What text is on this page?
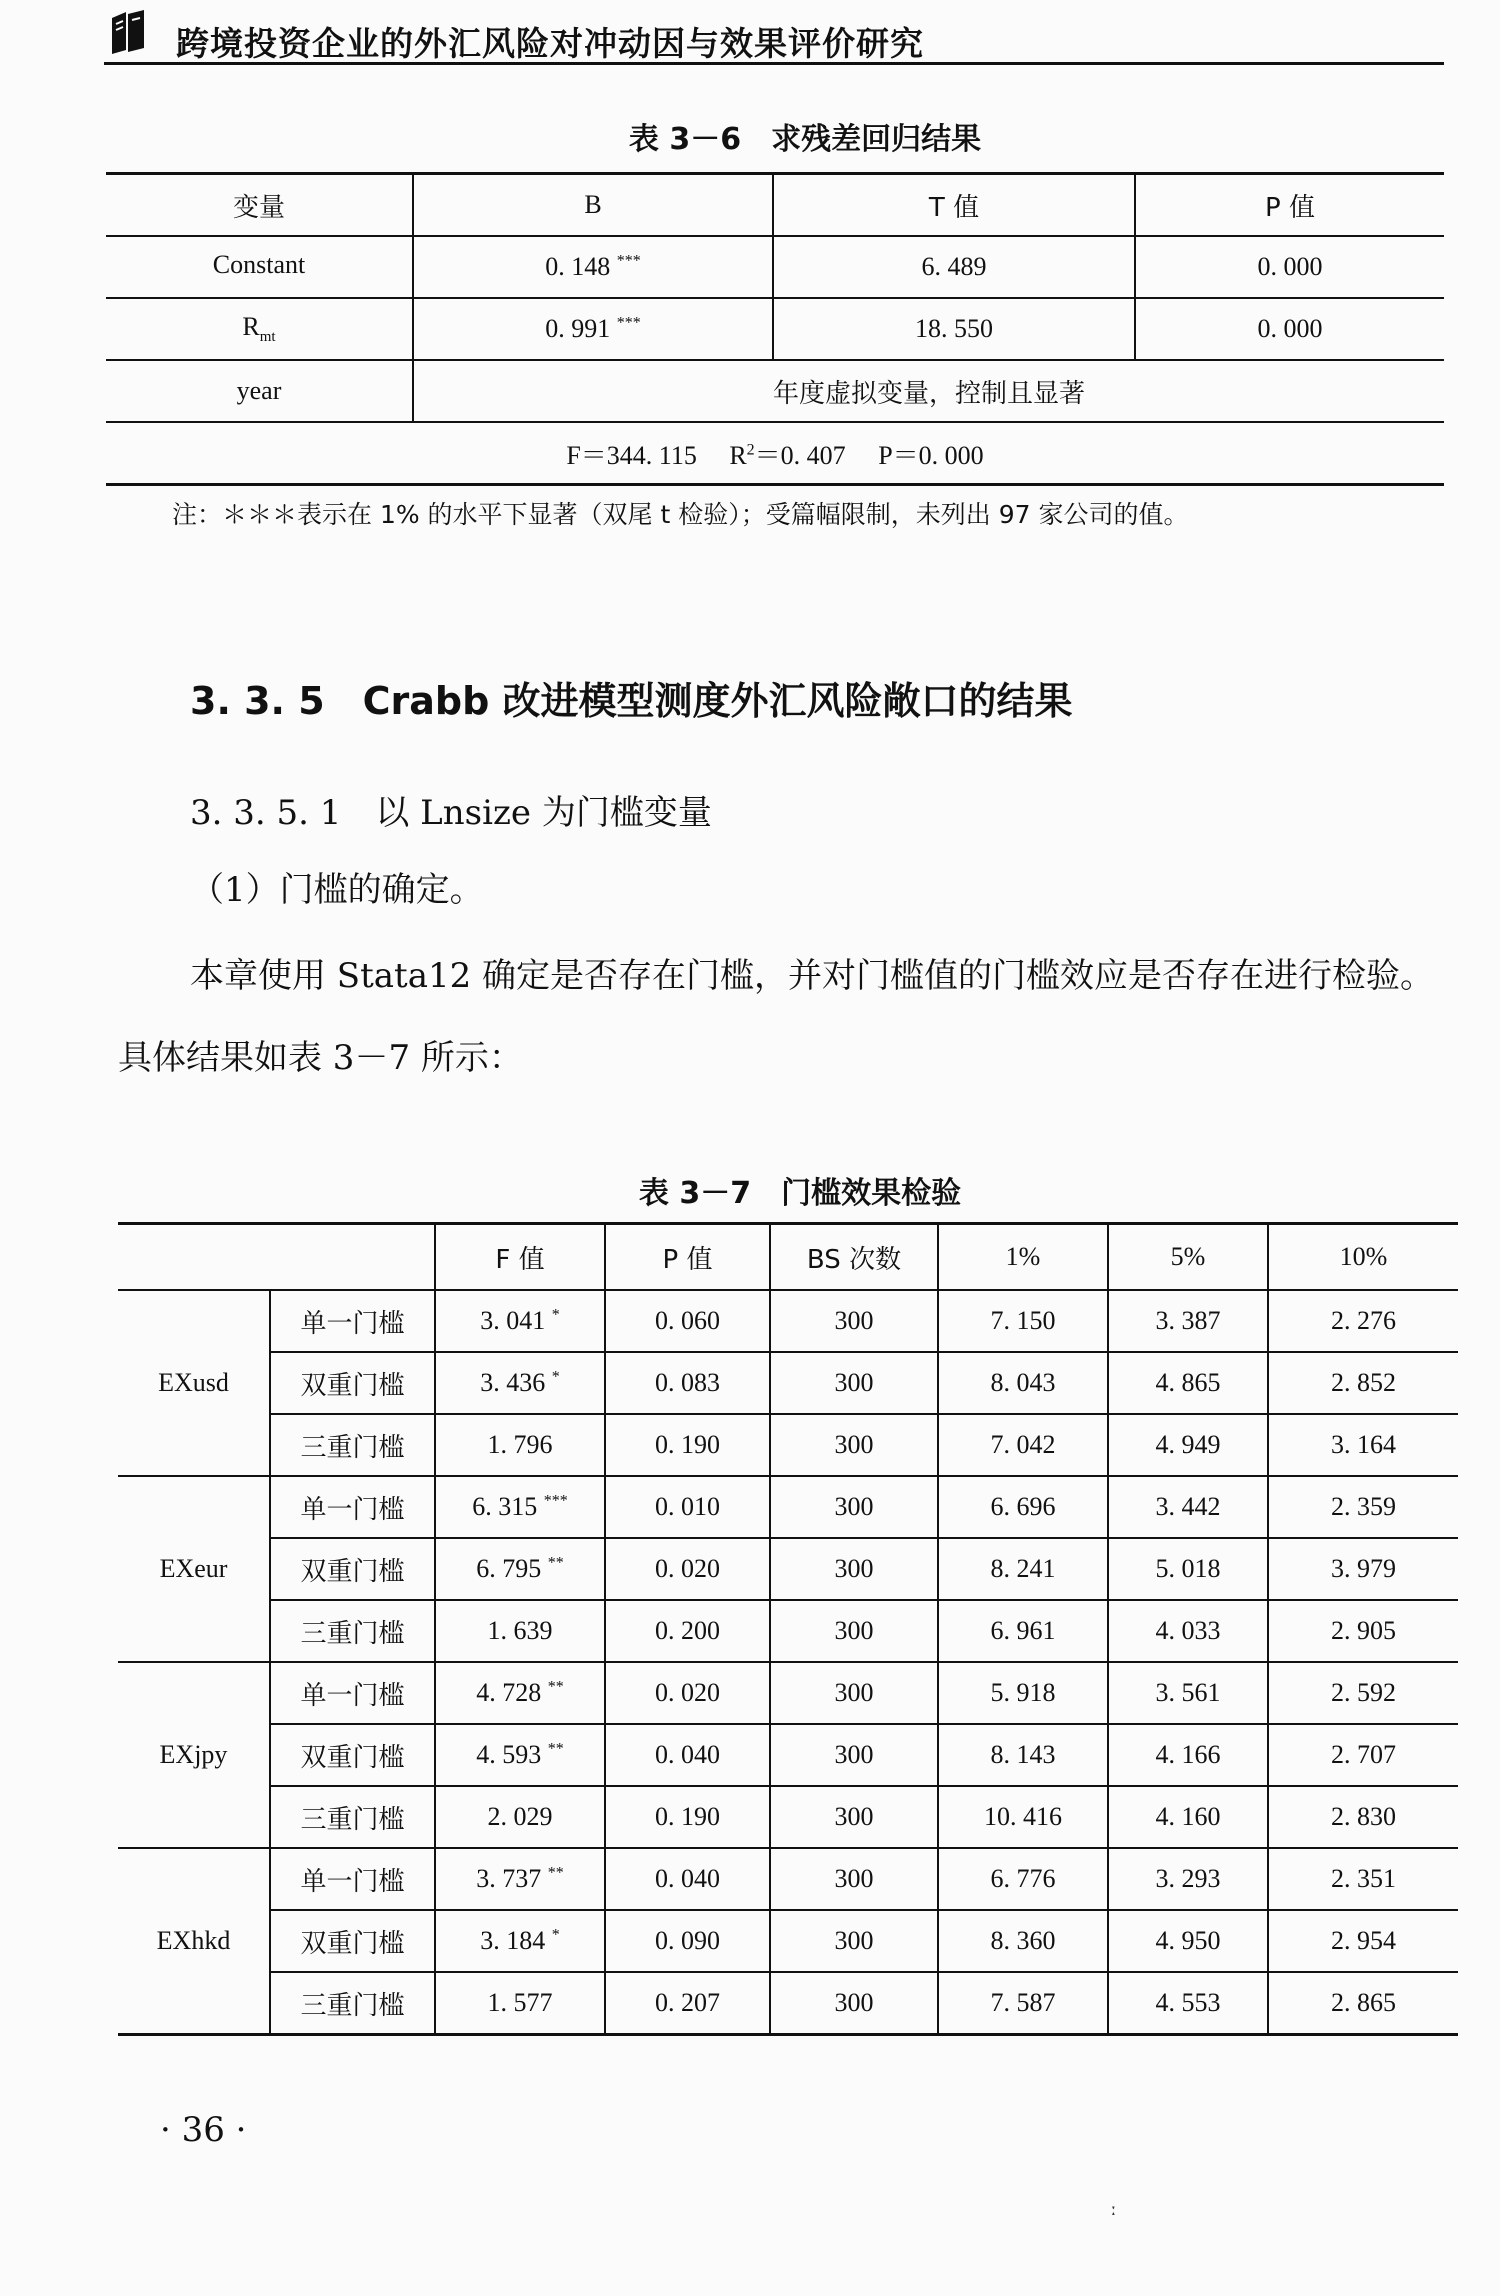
跨境投资企业的外汇风险对冲动因与效果评价研究
表 3－6　求残差回归结果
变量	B	T 值	P 值
Constant	0. 148 ***	6. 489	0. 000
$R_{mt}$	0. 991 ***	18. 550	0. 000
year	年度虚拟变量，控制且显著		
F＝344. 115 $R^2=0$. 407 P＝0. 000			
注：＊＊＊表示在 1% 的水平下显著（双尾 t 检验）；受篇幅限制，未列出 97 家公司的值。
3. 3. 5　Crabb 改进模型测度外汇风险敞口的结果
3. 3. 5. 1　以 Lnsize 为门槛变量
（1）门槛的确定。
本章使用 Stata12 确定是否存在门槛，并对门槛值的门槛效应是否存在进行检验。具体结果如表 3－7 所示：
表 3－7　门槛效果检验
		F 值	P 值	BS 次数	1%	5%	10%
EXusd	单一门槛	3. 041 *	0. 060	300	7. 150	3. 387	2. 276
	双重门槛	3. 436 *	0. 083	300	8. 043	4. 865	2. 852
	三重门槛	1. 796	0. 190	300	7. 042	4. 949	3. 164
EXeur	单一门槛	6. 315 ***	0. 010	300	6. 696	3. 442	2. 359
	双重门槛	6. 795 **	0. 020	300	8. 241	5. 018	3. 979
	三重门槛	1. 639	0. 200	300	6. 961	4. 033	2. 905
EXjpy	单一门槛	4. 728 **	0. 020	300	5. 918	3. 561	2. 592
	双重门槛	4. 593 **	0. 040	300	8. 143	4. 166	2. 707
	三重门槛	2. 029	0. 190	300	10. 416	4. 160	2. 830
EXhkd	单一门槛	3. 737 **	0. 040	300	6. 776	3. 293	2. 351
	双重门槛	3. 184 *	0. 090	300	8. 360	4. 950	2. 954
	三重门槛	1. 577	0. 207	300	7. 587	4. 553	2. 865
· 36 ·
ː
